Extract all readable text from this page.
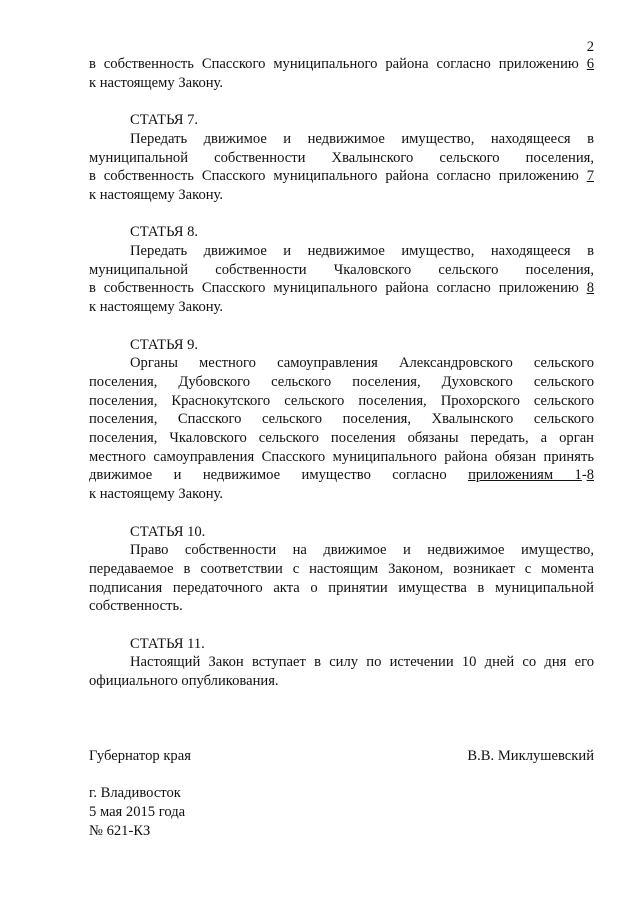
2
в собственность Спасского муниципального района согласно приложению 6
к настоящему Закону.
СТАТЬЯ 7.
Передать движимое и недвижимое имущество, находящееся в
муниципальной собственности Хвалынского сельского поселения,
в собственность Спасского муниципального района согласно приложению 7
к настоящему Закону.
СТАТЬЯ 8.
Передать движимое и недвижимое имущество, находящееся в
муниципальной собственности Чкаловского сельского поселения,
в собственность Спасского муниципального района согласно приложению 8
к настоящему Закону.
СТАТЬЯ 9.
Органы местного самоуправления Александровского сельского
поселения, Дубовского сельского поселения, Духовского сельского
поселения, Краснокутского сельского поселения, Прохорского сельского
поселения, Спасского сельского поселения, Хвалынского сельского
поселения, Чкаловского сельского поселения обязаны передать, а орган
местного самоуправления Спасского муниципального района обязан принять
движимое и недвижимое имущество согласно приложениям 1-8
к настоящему Закону.
СТАТЬЯ 10.
Право собственности на движимое и недвижимое имущество,
передаваемое в соответствии с настоящим Законом, возникает с момента
подписания передаточного акта о принятии имущества в муниципальной
собственность.
СТАТЬЯ 11.
Настоящий Закон вступает в силу по истечении 10 дней со дня его
официального опубликования.
Губернатор края	В.В. Миклушевский
г. Владивосток
5 мая 2015 года
№ 621-КЗ
